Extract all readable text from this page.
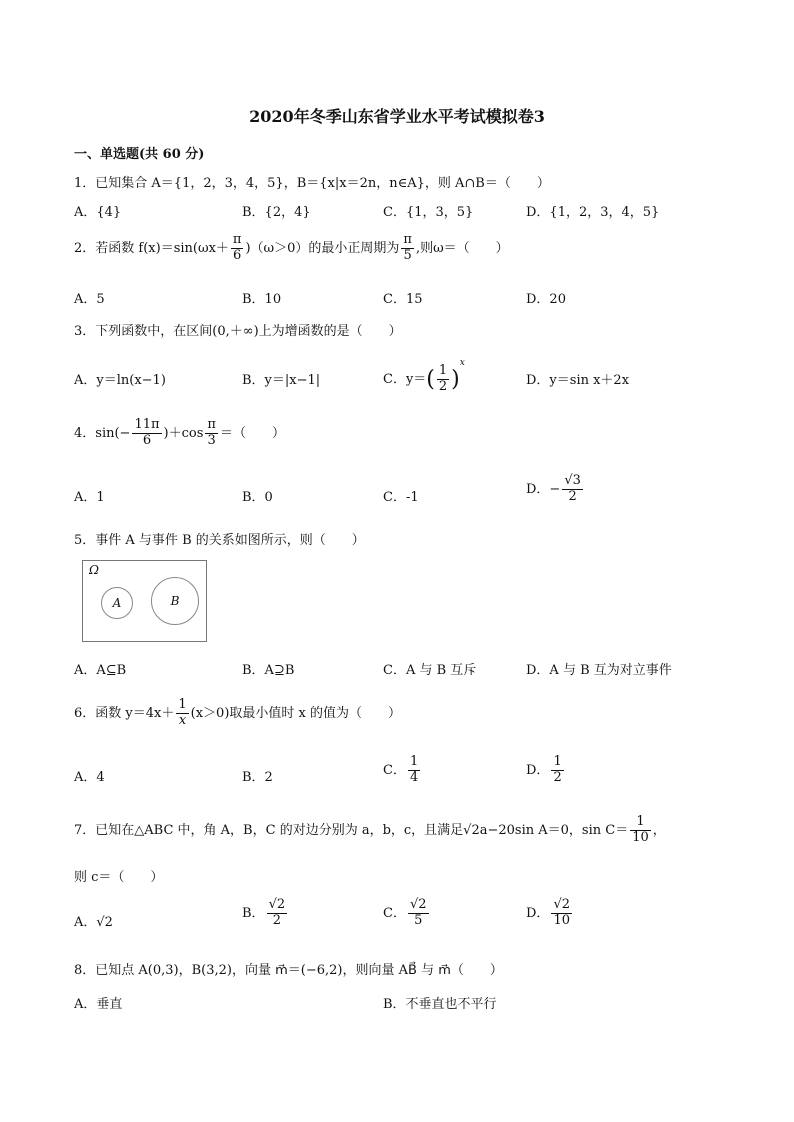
2020年冬季山东省学业水平考试模拟卷3
一、单选题(共 60 分)
1．已知集合 A＝{1，2，3，4，5}，B＝{x|x＝2n，n∈A}，则 A∩B＝（　　）
A．{4}	B．{2，4}	C．{1，3，5}	D．{1，2，3，4，5}
2．若函数 $f(x)=\sin(\omega x+ \frac{\pi}{6} )(\omega>0)$的最小正周期为 $\frac{\pi}{5}$ ,则ω＝（　　）
A．5	B．10	C．15	D．20
3．下列函数中，在区间(0,＋∞)上为增函数的是（　　）
A．y＝ln(x−1)	B．y＝|x−1|	C．$y=( \frac{1}{2} )^x$
D．y＝sin x＋2x
4．$\sin(- \frac{11\pi}{6} )+\cos \frac{\pi}{3}$ ＝（　　）
A．1	B．0	C．-1
D．− $\frac{√3}{2}$
5．事件 A 与事件 B 的关系如图所示，则（　　）
Ω
A	B
A．A⊆B	B．A⊇B	C．A 与 B 互斥	D．A 与 B 互为对立事件
6．函数 $y=4x+ \frac{1}{x} (x>0)$取最小值时 x 的值为（　　）
A．4	B．2	C． $\frac{1}{4}$	D． $\frac{1}{2}$
7．已知在△ABC 中，角 A，B，C 的对边分别为 a，b，c，且满足√2a−20sin A＝0，$\sin C= \frac{1}{10}$ ，
则 c＝（　　）
A．√2
B． $\frac{√2}{2}$	C． $\frac{√2}{5}$	D． $\frac{√2}{10}$
8．已知点 A(0,3)，B(3,2)，向量 m⃗＝(−6,2)，则向量 AB⃗ 与 m⃗（　　）
A．垂直	B．不垂直也不平行
